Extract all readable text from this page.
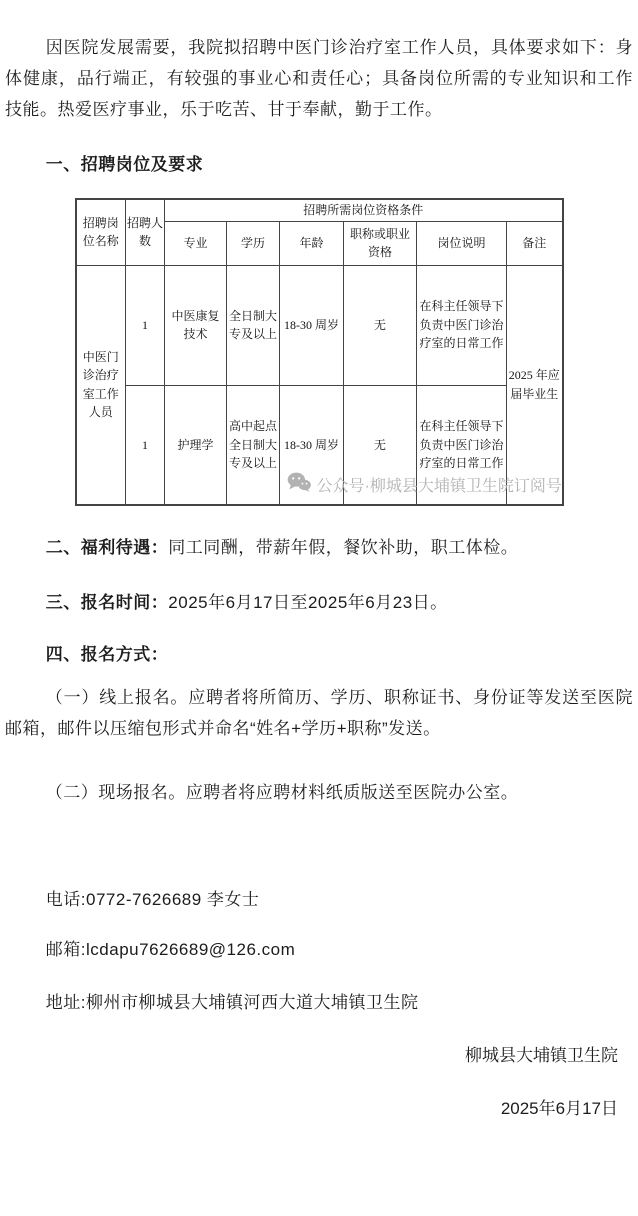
因医院发展需要，我院拟招聘中医门诊治疗室工作人员，具体要求如下：身体健康，品行端正，有较强的事业心和责任心；具备岗位所需的专业知识和工作技能。热爱医疗事业，乐于吃苦、甘于奉献，勤于工作。

一、招聘岗位及要求

招聘岗位名称	招聘人数	招聘所需岗位资格条件					
		专业	学历	年龄	职称或职业资格	岗位说明	备注
中医门诊治疗室工作人员	1	中医康复技术	全日制大专及以上	18-30 周岁	无	在科主任领导下负责中医门诊治疗室的日常工作	2025 年应届毕业生
	1	护理学	高中起点全日制大专及以上	18-30 周岁	无	在科主任领导下负责中医门诊治疗室的日常工作	
公众号·柳城县大埔镇卫生院订阅号

二、福利待遇：同工同酬，带薪年假，餐饮补助，职工体检。

三、报名时间：2025年6月17日至2025年6月23日。

四、报名方式：

（一）线上报名。应聘者将所简历、学历、职称证书、身份证等发送至医院邮箱，邮件以压缩包形式并命名“姓名+学历+职称”发送。

（二）现场报名。应聘者将应聘材料纸质版送至医院办公室。

电话:0772-7626689 李女士

邮箱:lcdapu7626689@126.com

地址:柳州市柳城县大埔镇河西大道大埔镇卫生院

柳城县大埔镇卫生院

2025年6月17日
